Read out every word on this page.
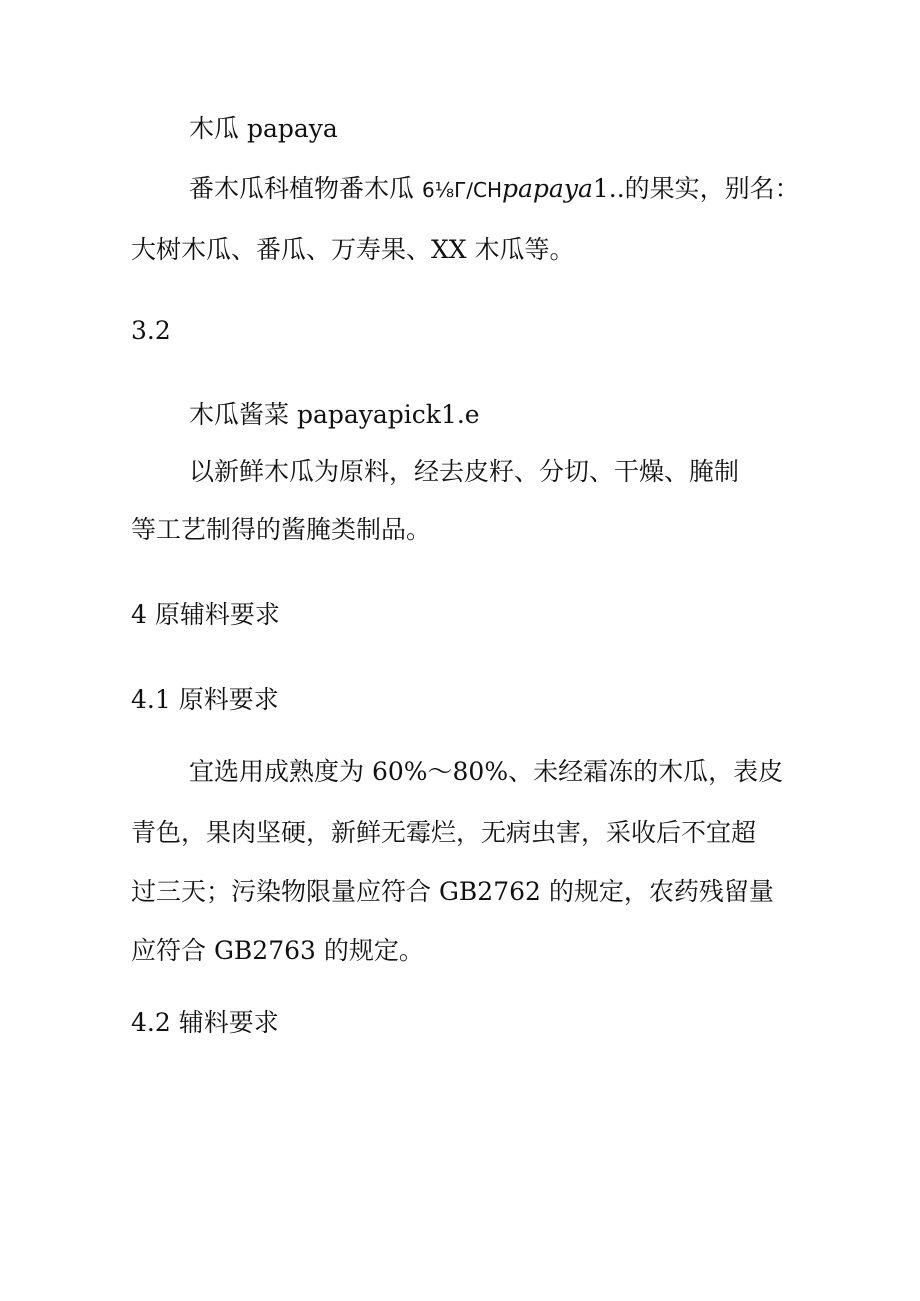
木瓜 papaya

番木瓜科植物番木瓜 6⅛Г∕СНpapaya1..的果实，别名：

大树木瓜、番瓜、万寿果、XX 木瓜等。

3.2

木瓜酱菜 papayapick1.e

以新鲜木瓜为原料，经去皮籽、分切、干燥、腌制

等工艺制得的酱腌类制品。

4 原辅料要求

4.1 原料要求

宜选用成熟度为 60%～80%、未经霜冻的木瓜，表皮

青色，果肉坚硬，新鲜无霉烂，无病虫害，采收后不宜超

过三天；污染物限量应符合 GB2762 的规定，农药残留量

应符合 GB2763 的规定。

4.2 辅料要求
